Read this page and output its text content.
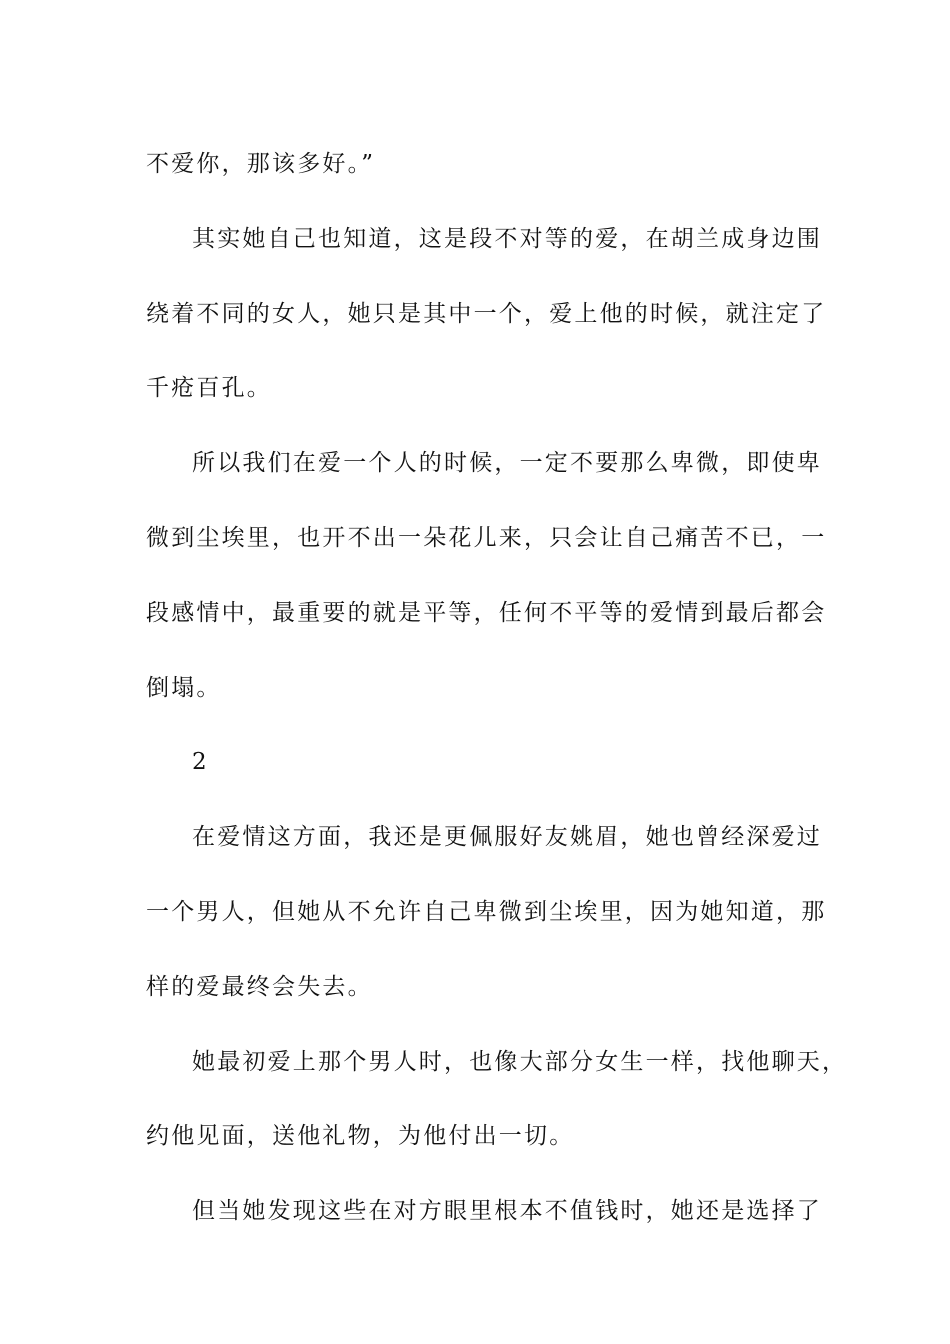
不爱你，那该多好。”

其实她自己也知道，这是段不对等的爱，在胡兰成身边围
绕着不同的女人，她只是其中一个，爱上他的时候，就注定了
千疮百孔。

所以我们在爱一个人的时候，一定不要那么卑微，即使卑
微到尘埃里，也开不出一朵花儿来，只会让自己痛苦不已，一
段感情中，最重要的就是平等，任何不平等的爱情到最后都会
倒塌。

2

在爱情这方面，我还是更佩服好友姚眉，她也曾经深爱过
一个男人，但她从不允许自己卑微到尘埃里，因为她知道，那
样的爱最终会失去。

她最初爱上那个男人时，也像大部分女生一样，找他聊天，
约他见面，送他礼物，为他付出一切。

但当她发现这些在对方眼里根本不值钱时，她还是选择了
